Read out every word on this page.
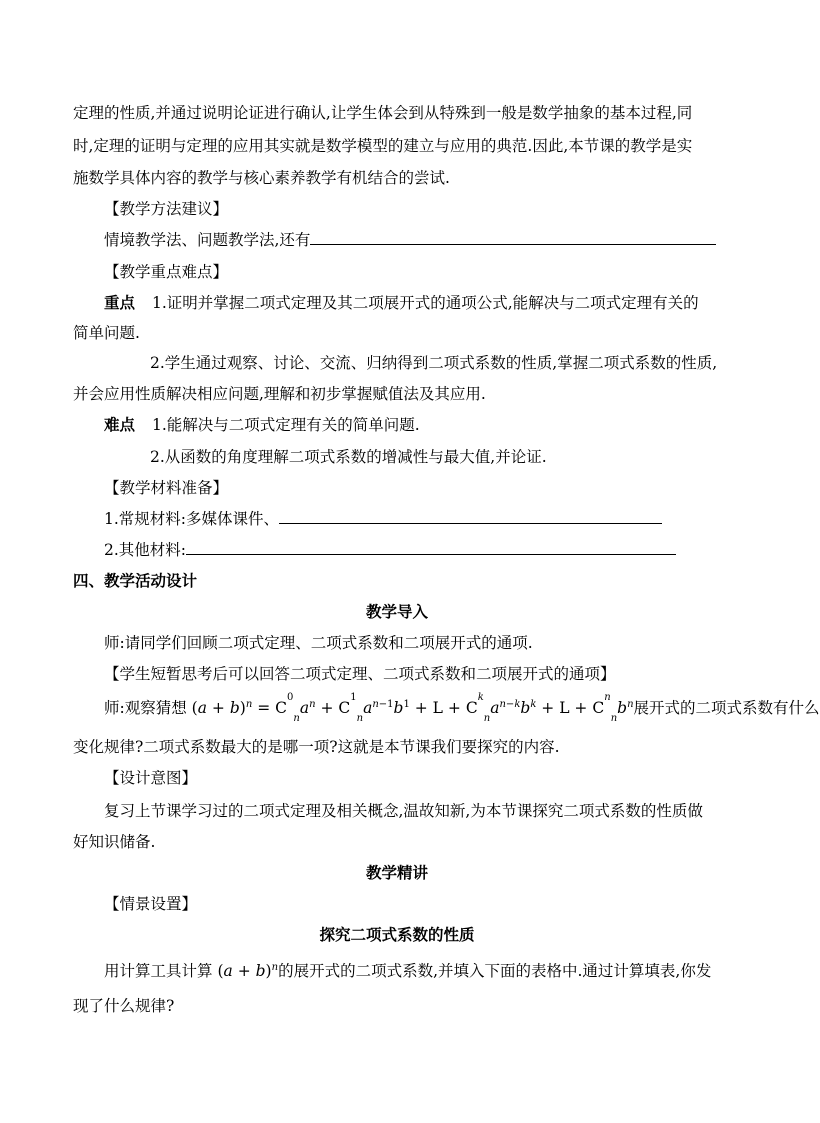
定理的性质,并通过说明论证进行确认,让学生体会到从特殊到一般是数学抽象的基本过程,同
时,定理的证明与定理的应用其实就是数学模型的建立与应用的典范.因此,本节课的教学是实
施数学具体内容的教学与核心素养教学有机结合的尝试.
【教学方法建议】
情境教学法、问题教学法,还有
【教学重点难点】
重点 1.证明并掌握二项式定理及其二项展开式的通项公式,能解决与二项式定理有关的
简单问题.
2.学生通过观察、讨论、交流、归纳得到二项式系数的性质,掌握二项式系数的性质,
并会应用性质解决相应问题,理解和初步掌握赋值法及其应用.
难点 1.能解决与二项式定理有关的简单问题.
2.从函数的角度理解二项式系数的增减性与最大值,并论证.
【教学材料准备】
1.常规材料:多媒体课件、
2.其他材料:
四、教学活动设计
教学导入
师:请同学们回顾二项式定理、二项式系数和二项展开式的通项.
【学生短暂思考后可以回答二项式定理、二项式系数和二项展开式的通项】
师:观察猜想 $(a + b)^n = C^0_na^n + C^1_na^{n-1}b^1 + L + C^k_na^{n-k}b^k + L + C^n_nb^n$展开式的二项式系数有什么
变化规律?二项式系数最大的是哪一项?这就是本节课我们要探究的内容.
【设计意图】
复习上节课学习过的二项式定理及相关概念,温故知新,为本节课探究二项式系数的性质做
好知识储备.
教学精讲
【情景设置】
探究二项式系数的性质
用计算工具计算 $(a + b)^n$的展开式的二项式系数,并填入下面的表格中.通过计算填表,你发
现了什么规律?
